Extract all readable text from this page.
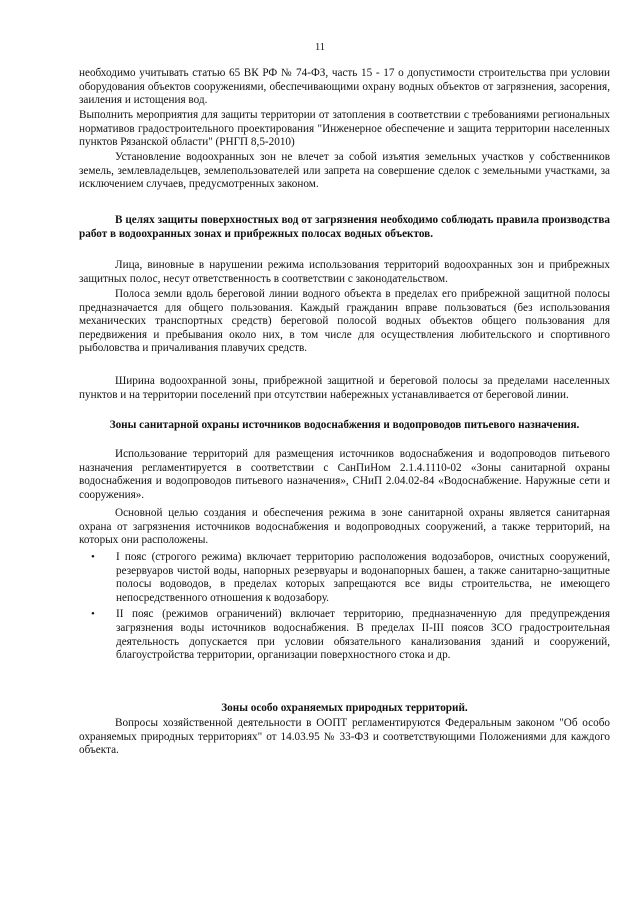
11

необходимо учитывать статью 65 ВК РФ № 74-ФЗ, часть 15 - 17 о допустимости строительства при условии оборудования объектов сооружениями, обеспечивающими охрану водных объектов от загрязнения, засорения, заиления и истощения вод.

Выполнить мероприятия для защиты территории от затопления в соответствии с требованиями региональных нормативов градостроительного проектирования "Инженерное обеспечение и защита территории населенных пунктов Рязанской области" (РНГП 8,5-2010)

Установление водоохранных зон не влечет за собой изъятия земельных участков у собственников земель, землевладельцев, землепользователей или запрета на совершение сделок с земельными участками, за исключением случаев, предусмотренных законом.

В целях защиты поверхностных вод от загрязнения необходимо соблюдать правила производства работ в водоохранных зонах и прибрежных полосах водных объектов.

Лица, виновные в нарушении режима использования территорий водоохранных зон и прибрежных защитных полос, несут ответственность в соответствии с законодательством.

Полоса земли вдоль береговой линии водного объекта в пределах его прибрежной защитной полосы предназначается для общего пользования. Каждый гражданин вправе пользоваться (без использования механических транспортных средств) береговой полосой водных объектов общего пользования для передвижения и пребывания около них, в том числе для осуществления любительского и спортивного рыболовства и причаливания плавучих средств.

Ширина водоохранной зоны, прибрежной защитной и береговой полосы за пределами населенных пунктов и на территории поселений при отсутствии набережных устанавливается от береговой линии.

Зоны санитарной охраны источников водоснабжения и водопроводов питьевого назначения.

Использование территорий для размещения источников водоснабжения и водопроводов питьевого назначения регламентируется в соответствии с СанПиНом 2.1.4.1110-02 «Зоны санитарной охраны водоснабжения и водопроводов питьевого назначения», СНиП 2.04.02-84 «Водоснабжение. Наружные сети и сооружения».

Основной целью создания и обеспечения режима в зоне санитарной охраны является санитарная охрана от загрязнения источников водоснабжения и водопроводных сооружений, а также территорий, на которых они расположены.

• I пояс (строгого режима) включает территорию расположения водозаборов, очистных сооружений, резервуаров чистой воды, напорных резервуары и водонапорных башен, а также санитарно-защитные полосы водоводов, в пределах которых запрещаются все виды строительства, не имеющего непосредственного отношения к водозабору.
• II пояс (режимов ограничений) включает территорию, предназначенную для предупреждения загрязнения воды источников водоснабжения. В пределах II-III поясов ЗСО градостроительная деятельность допускается при условии обязательного канализования зданий и сооружений, благоустройства территории, организации поверхностного стока и др.

Зоны особо охраняемых природных территорий.

Вопросы хозяйственной деятельности в ООПТ регламентируются Федеральным законом "Об особо охраняемых природных территориях" от 14.03.95 № 33-ФЗ и соответствующими Положениями для каждого объекта.
